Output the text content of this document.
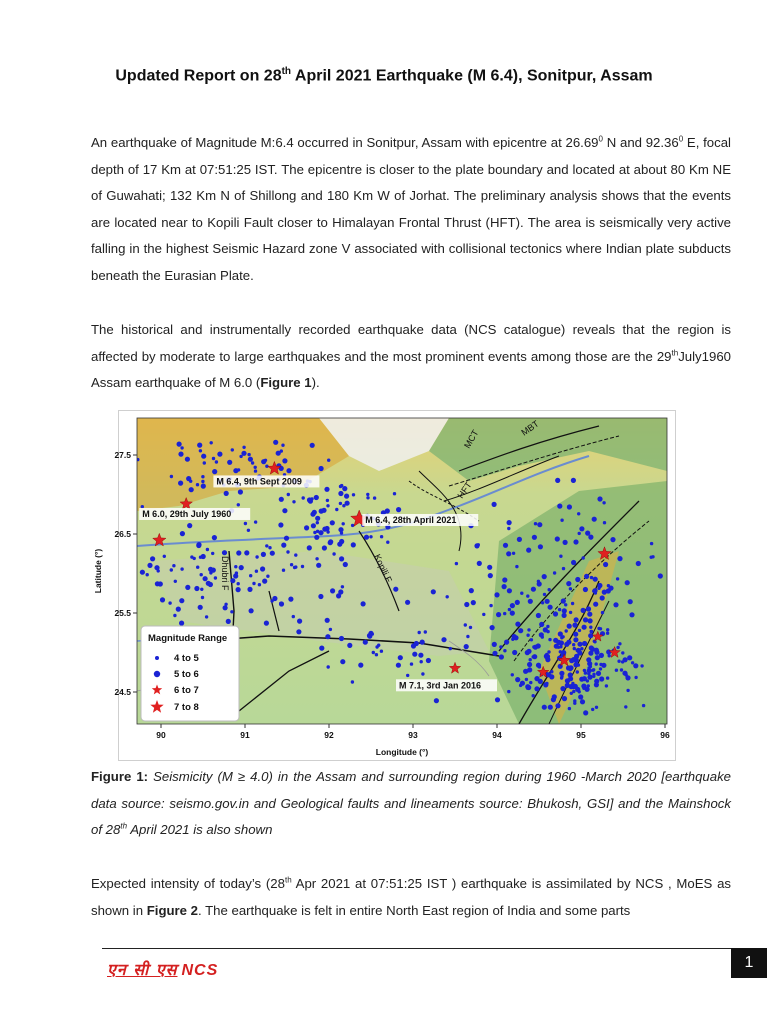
Updated Report on 28th April 2021 Earthquake (M 6.4), Sonitpur, Assam
An earthquake of Magnitude M:6.4 occurred in Sonitpur, Assam with epicentre at 26.69$^0$ N and 92.36$^0$ E, focal depth of 17 Km at 07:51:25 IST. The epicentre is closer to the plate boundary and located at about 80 Km NE of Guwahati; 132 Km N of Shillong and 180 Km W of Jorhat. The preliminary analysis shows that the events are located near to Kopili Fault closer to Himalayan Frontal Thrust (HFT). The area is seismically very active falling in the highest Seismic Hazard zone V associated with collisional tectonics where Indian plate subducts beneath the Eurasian Plate.
The historical and instrumentally recorded earthquake data (NCS catalogue) reveals that the region is affected by moderate to large earthquakes and the most prominent events among those are the 29thJuly1960 Assam earthquake of M 6.0 (Figure 1).
MCT
MBT
HFT
Kopili F
Dhubri F
M 6.4, 9th Sept 2009
M 6.0, 29th July 1960
M 6.4, 28th April 2021
M 7.1, 3rd Jan 2016
Magnitude Range
4 to 5
5 to 6
6 to 7
7 to 8
90	91	92	93	94	95	96
27.5
26.5
25.5
24.5
Longitude (°)
Latitude (°)
Figure 1: Seismicity (M ≥ 4.0) in the Assam and surrounding region during 1960 -March 2020 [earthquake data source: seismo.gov.in and Geological faults and lineaments source: Bhukosh, GSI] and the Mainshock of 28th April 2021 is also shown
Expected intensity of today’s (28th Apr 2021 at 07:51:25 IST ) earthquake is assimilated by NCS , MoES as shown in Figure 2. The earthquake is felt in entire North East region of India and some parts
एन सी एस NCS	1
